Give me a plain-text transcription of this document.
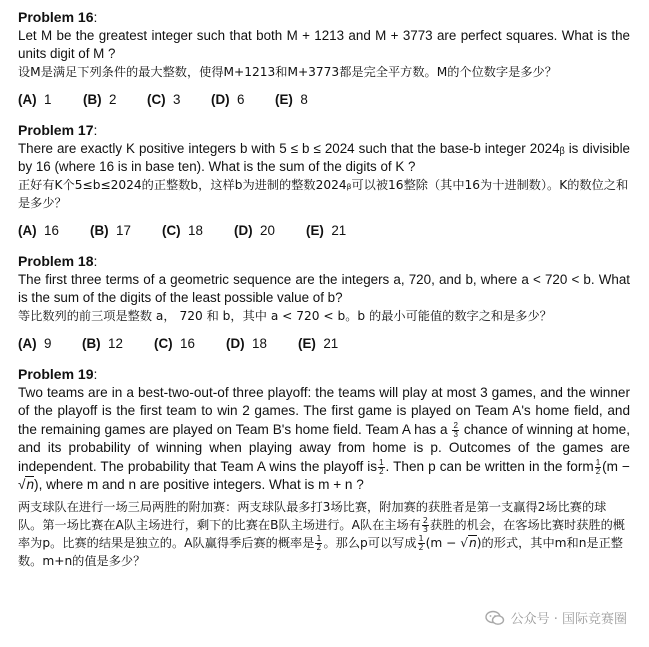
Problem 16:

Let M be the greatest integer such that both M + 1213 and M + 3773 are perfect squares. What is the units digit of M ?

设M是满足下列条件的最大整数，使得M+1213和M+3773都是完全平方数。M的个位数字是多少？

(A) 1	(B) 2	(C) 3	(D) 6	(E) 8

Problem 17:

There are exactly K positive integers b with 5 ≤ b ≤ 2024 such that the base-b integer 2024ᵦ is divisible by 16 (where 16 is in base ten). What is the sum of the digits of K ?

正好有K个5≤b≤2024的正整数b，这样b为进制的整数2024ᵦ可以被16整除（其中16为十进制数）。K的数位之和是多少？

(A) 16	(B) 17	(C) 18	(D) 20	(E) 21

Problem 18:

The first three terms of a geometric sequence are the integers a, 720, and b, where a < 720 < b. What is the sum of the digits of the least possible value of b?

等比数列的前三项是整数 a， 720 和 b，其中 a < 720 < b。b 的最小可能值的数字之和是多少？

(A) 9	(B) 12	(C) 16	(D) 18	(E) 21

Problem 19:

Two teams are in a best-two-out-of three playoff: the teams will play at most 3 games, and the winner of the playoff is the first team to win 2 games. The first game is played on Team A's home field, and the remaining games are played on Team B's home field. Team A has a $\frac{2}{3}$ chance of winning at home, and its probability of winning when playing away from home is p. Outcomes of the games are independent. The probability that Team A wins the playoff is $\frac{1}{2}$ . Then p can be written in the form $\frac{1}{2} (m - √n)$, where m and n are positive integers. What is m + n ?

两支球队在进行一场三局两胜的附加赛：两支球队最多打3场比赛，附加赛的获胜者是第一支赢得2场比赛的球队。第一场比赛在A队主场进行，剩下的比赛在B队主场进行。A队在主场有 $\frac{2}{3}$ 获胜的机会，在客场比赛时获胜的概率为p。比赛的结果是独立的。A队赢得季后赛的概率是 $\frac{1}{2}$ 。那么p可以写成 $\frac{1}{2} (m - √n)$的形式，其中m和n是正整数。m+n的值是多少？

公众号 · 国际竞赛圈
